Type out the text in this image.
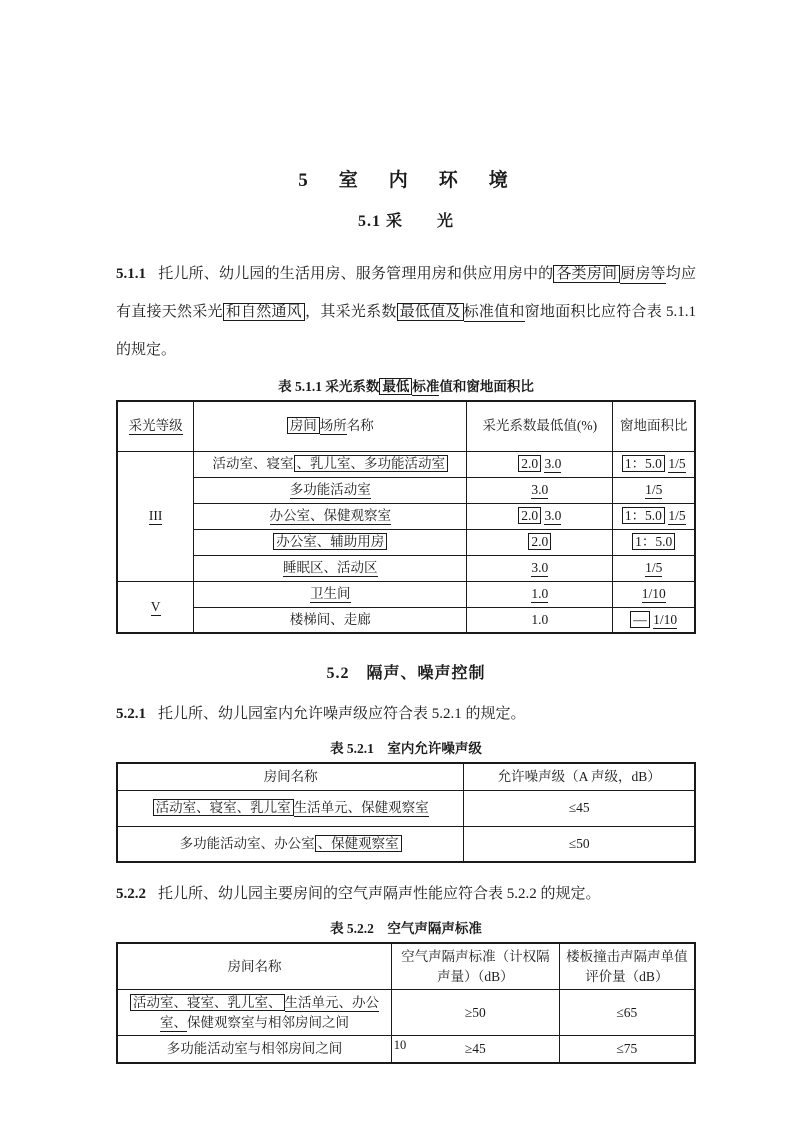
5　室　内　环　境
5.1 采　　光

5.1.1 托儿所、幼儿园的生活用房、服务管理用房和供应用房中的 各类房间 厨房等均应有直接天然采光 和自然通风 ，其采光系数 最低值及 标准值和窗地面积比应符合表 5.1.1 的规定。

表 5.1.1 采光系数 最低 标准值和窗地面积比
采光等级	房间 场所名称	采光系数最低值(%)	窗地面积比
III	活动室、寝室 、乳儿室、多功能活动室	2.0 3.0	1：5.0 1/5
	多功能活动室	3.0	1/5
	办公室、保健观察室	2.0 3.0	1：5.0 1/5
	办公室、辅助用房	2.0	1：5.0
	睡眠区、活动区	3.0	1/5
V	卫生间	1.0	1/10
	楼梯间、走廊	1.0	— 1/10
5.2　隔声、噪声控制

5.2.1 托儿所、幼儿园室内允许噪声级应符合表 5.2.1 的规定。

表 5.2.1　室内允许噪声级
房间名称	允许噪声级（A 声级，dB）
活动室、寝室、乳儿室 生活单元、保健观察室	≤45
多功能活动室、办公室 、保健观察室	≤50

5.2.2 托儿所、幼儿园主要房间的空气声隔声性能应符合表 5.2.2 的规定。

表 5.2.2　空气声隔声标准
房间名称	空气声隔声标准（计权隔声量）（dB）	楼板撞击声隔声单值评价量（dB）
活动室、寝室、乳儿室、 生活单元、办公室、保健观察室与相邻房间之间	≥50	≤65
多功能活动室与相邻房间之间	≥45	≤75
10
